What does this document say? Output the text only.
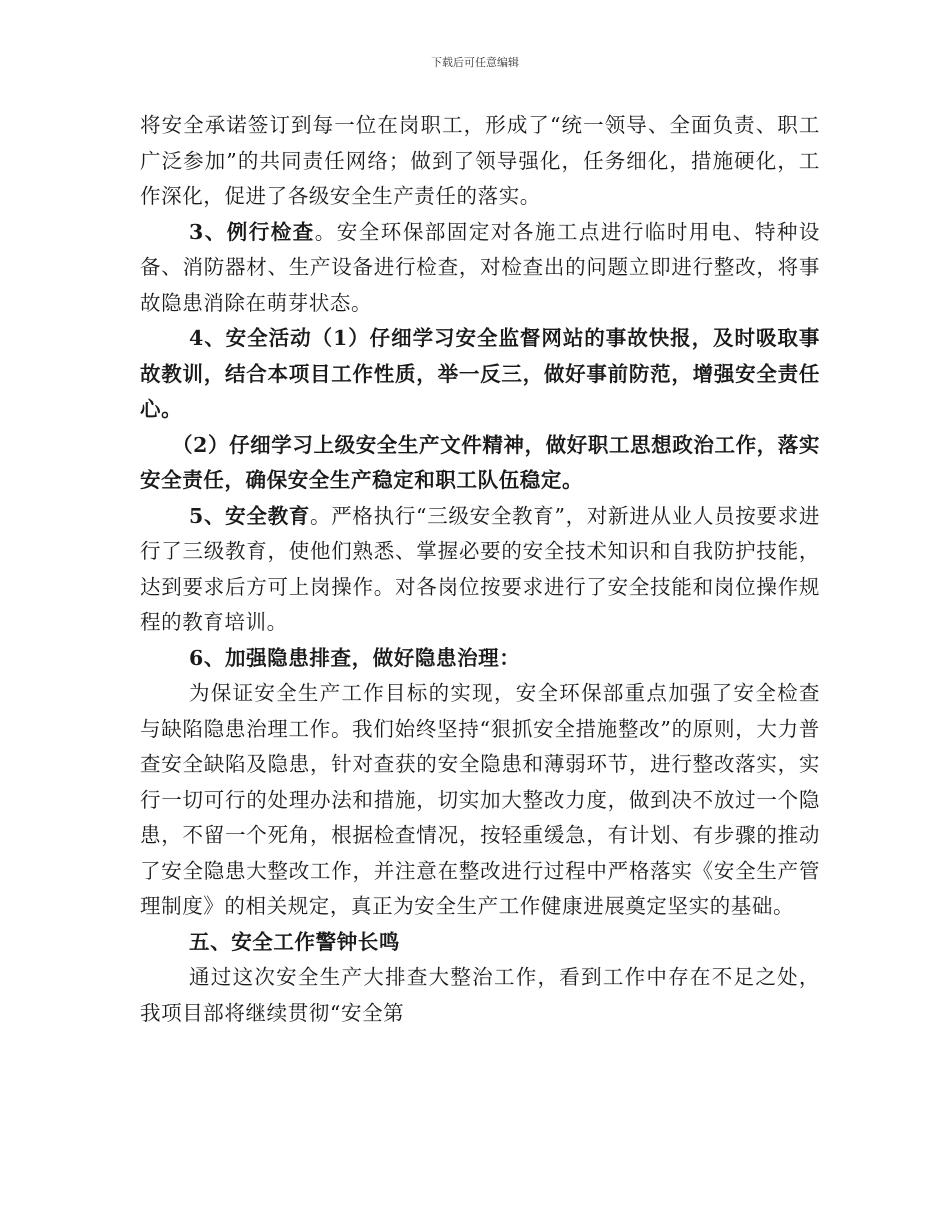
下载后可任意编辑

将安全承诺签订到每一位在岗职工，形成了“统一领导、全面负责、职工广泛参加”的共同责任网络；做到了领导强化，任务细化，措施硬化，工作深化，促进了各级安全生产责任的落实。

3、例行检查。安全环保部固定对各施工点进行临时用电、特种设备、消防器材、生产设备进行检查，对检查出的问题立即进行整改，将事故隐患消除在萌芽状态。

4、安全活动（1）仔细学习安全监督网站的事故快报，及时吸取事故教训，结合本项目工作性质，举一反三，做好事前防范，增强安全责任心。

（2）仔细学习上级安全生产文件精神，做好职工思想政治工作，落实安全责任，确保安全生产稳定和职工队伍稳定。

5、安全教育。严格执行“三级安全教育”，对新进从业人员按要求进行了三级教育，使他们熟悉、掌握必要的安全技术知识和自我防护技能，达到要求后方可上岗操作。对各岗位按要求进行了安全技能和岗位操作规程的教育培训。

6、加强隐患排查，做好隐患治理：

为保证安全生产工作目标的实现，安全环保部重点加强了安全检查与缺陷隐患治理工作。我们始终坚持“狠抓安全措施整改”的原则，大力普查安全缺陷及隐患，针对查获的安全隐患和薄弱环节，进行整改落实，实行一切可行的处理办法和措施，切实加大整改力度，做到决不放过一个隐患，不留一个死角，根据检查情况，按轻重缓急，有计划、有步骤的推动了安全隐患大整改工作，并注意在整改进行过程中严格落实《安全生产管理制度》的相关规定，真正为安全生产工作健康进展奠定坚实的基础。

五、安全工作警钟长鸣

通过这次安全生产大排查大整治工作，看到工作中存在不足之处，我项目部将继续贯彻“安全第
